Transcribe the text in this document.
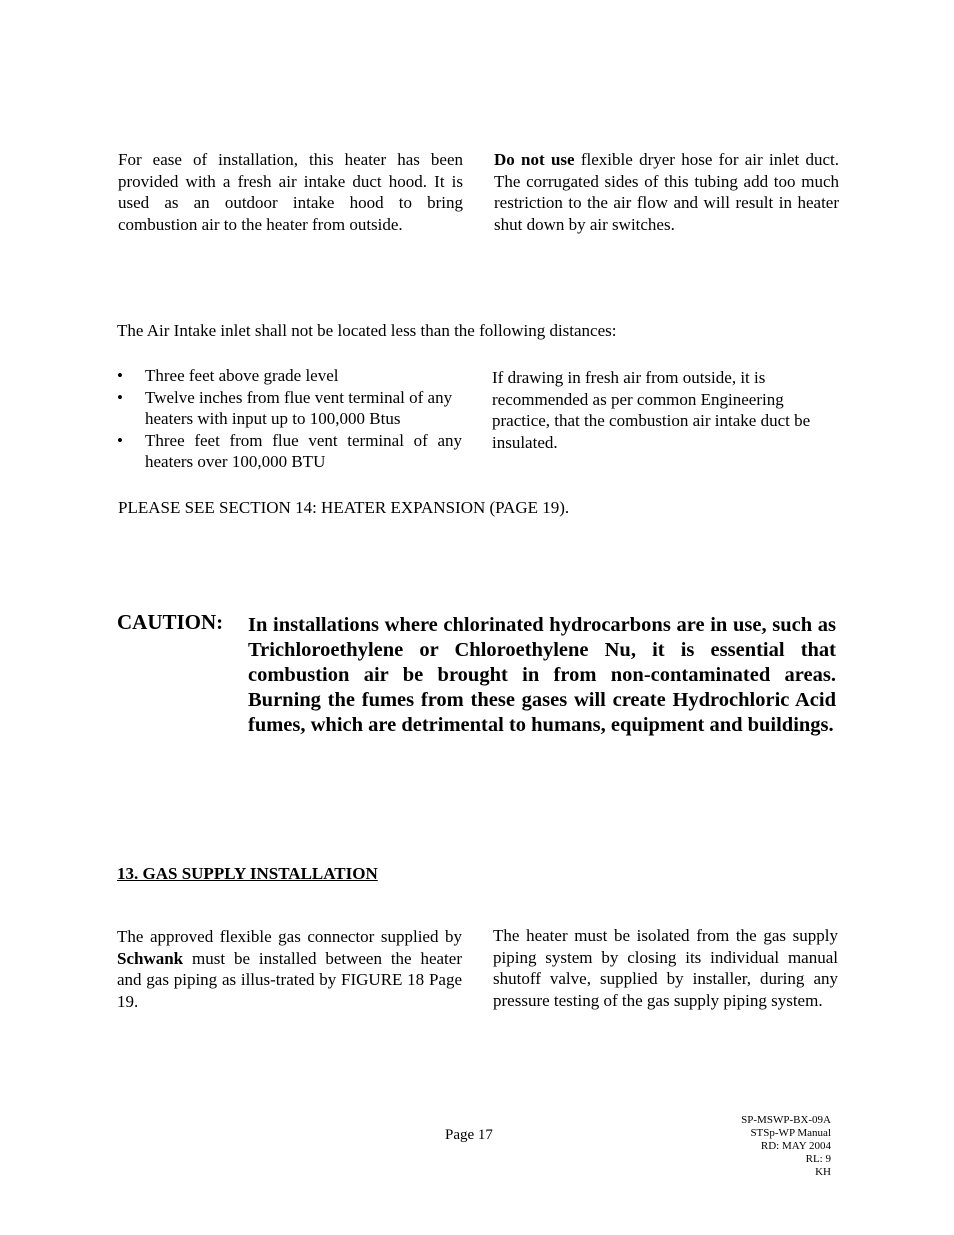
For ease of installation, this heater has been provided with a fresh air intake duct hood. It is used as an outdoor intake hood to bring combustion air to the heater from outside.
Do not use flexible dryer hose for air inlet duct. The corrugated sides of this tubing add too much restriction to the air flow and will result in heater shut down by air switches.
The Air Intake inlet shall not be located less than the following distances:
• Three feet above grade level
• Twelve inches from flue vent terminal of any heaters with input up to 100,000 Btus
• Three feet from flue vent terminal of any heaters over 100,000 BTU
If drawing in fresh air from outside, it is recommended as per common Engineering practice, that the combustion air intake duct be insulated.
PLEASE SEE SECTION 14: HEATER EXPANSION (PAGE 19).
CAUTION: In installations where chlorinated hydrocarbons are in use, such as Trichloroethylene or Chloroethylene Nu, it is essential that combustion air be brought in from non-contaminated areas. Burning the fumes from these gases will create Hydrochloric Acid fumes, which are detrimental to humans, equipment and buildings.
13. GAS SUPPLY INSTALLATION
The approved flexible gas connector supplied by Schwank must be installed between the heater and gas piping as illus-trated by FIGURE 18 Page 19.
The heater must be isolated from the gas supply piping system by closing its individual manual shutoff valve, supplied by installer, during any pressure testing of the gas supply piping system.
Page 17
SP-MSWP-BX-09A
STSp-WP Manual
RD: MAY 2004
RL: 9
KH
